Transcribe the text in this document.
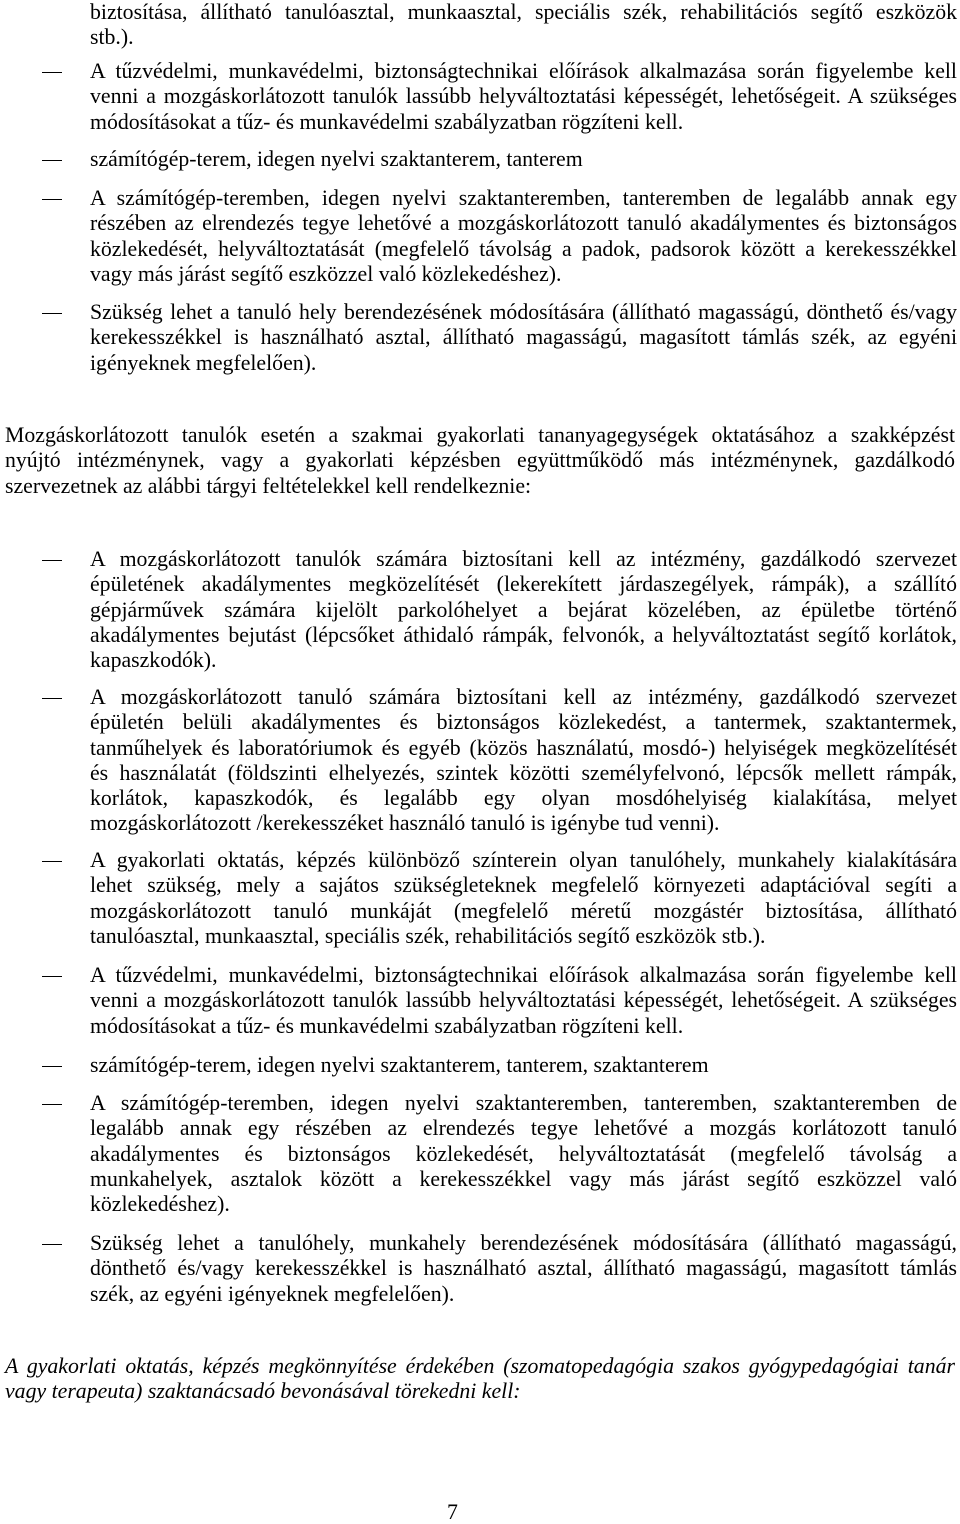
biztosítása, állítható tanulóasztal, munkaasztal, speciális szék, rehabilitációs segítő eszközök
stb.).
A tűzvédelmi, munkavédelmi, biztonságtechnikai előírások alkalmazása során figyelembe kell
venni a mozgáskorlátozott tanulók lassúbb helyváltoztatási képességét, lehetőségeit. A szükséges
módosításokat a tűz- és munkavédelmi szabályzatban rögzíteni kell.
számítógép-terem, idegen nyelvi szaktanterem, tanterem
A számítógép-teremben, idegen nyelvi szaktanteremben, tanteremben de legalább annak egy
részében az elrendezés tegye lehetővé a mozgáskorlátozott tanuló akadálymentes és biztonságos
közlekedését, helyváltoztatását (megfelelő távolság a padok, padsorok között a kerekesszékkel
vagy más járást segítő eszközzel való közlekedéshez).
Szükség lehet a tanuló hely berendezésének módosítására (állítható magasságú, dönthető és/vagy
kerekesszékkel is használható asztal, állítható magasságú, magasított támlás szék, az egyéni
igényeknek megfelelően).
Mozgáskorlátozott tanulók esetén a szakmai gyakorlati tananyagegységek oktatásához a szakképzést
nyújtó intézménynek, vagy a gyakorlati képzésben együttműködő más intézménynek, gazdálkodó
szervezetnek az alábbi tárgyi feltételekkel kell rendelkeznie:
A mozgáskorlátozott tanulók számára biztosítani kell az intézmény, gazdálkodó szervezet
épületének akadálymentes megközelítését (lekerekített járdaszegélyek, rámpák), a szállító
gépjárművek számára kijelölt parkolóhelyet a bejárat közelében, az épületbe történő
akadálymentes bejutást (lépcsőket áthidaló rámpák, felvonók, a helyváltoztatást segítő korlátok,
kapaszkodók).
A mozgáskorlátozott tanuló számára biztosítani kell az intézmény, gazdálkodó szervezet
épületén belüli akadálymentes és biztonságos közlekedést, a tantermek, szaktantermek,
tanműhelyek és laboratóriumok és egyéb (közös használatú, mosdó-) helyiségek megközelítését
és használatát (földszinti elhelyezés, szintek közötti személyfelvonó, lépcsők mellett rámpák,
korlátok, kapaszkodók, és legalább egy olyan mosdóhelyiség kialakítása, melyet
mozgáskorlátozott /kerekesszéket használó tanuló is igénybe tud venni).
A gyakorlati oktatás, képzés különböző színterein olyan tanulóhely, munkahely kialakítására
lehet szükség, mely a sajátos szükségleteknek megfelelő környezeti adaptációval segíti a
mozgáskorlátozott tanuló munkáját (megfelelő méretű mozgástér biztosítása, állítható
tanulóasztal, munkaasztal, speciális szék, rehabilitációs segítő eszközök stb.).
A tűzvédelmi, munkavédelmi, biztonságtechnikai előírások alkalmazása során figyelembe kell
venni a mozgáskorlátozott tanulók lassúbb helyváltoztatási képességét, lehetőségeit. A szükséges
módosításokat a tűz- és munkavédelmi szabályzatban rögzíteni kell.
számítógép-terem, idegen nyelvi szaktanterem, tanterem, szaktanterem
A számítógép-teremben, idegen nyelvi szaktanteremben, tanteremben, szaktanteremben de
legalább annak egy részében az elrendezés tegye lehetővé a mozgás korlátozott tanuló
akadálymentes és biztonságos közlekedését, helyváltoztatását (megfelelő távolság a
munkahelyek, asztalok között a kerekesszékkel vagy más járást segítő eszközzel való
közlekedéshez).
Szükség lehet a tanulóhely, munkahely berendezésének módosítására (állítható magasságú,
dönthető és/vagy kerekesszékkel is használható asztal, állítható magasságú, magasított támlás
szék, az egyéni igényeknek megfelelően).
A gyakorlati oktatás, képzés megkönnyítése érdekében (szomatopedagógia szakos gyógypedagógiai tanár
vagy terapeuta) szaktanácsadó bevonásával törekedni kell:
7
